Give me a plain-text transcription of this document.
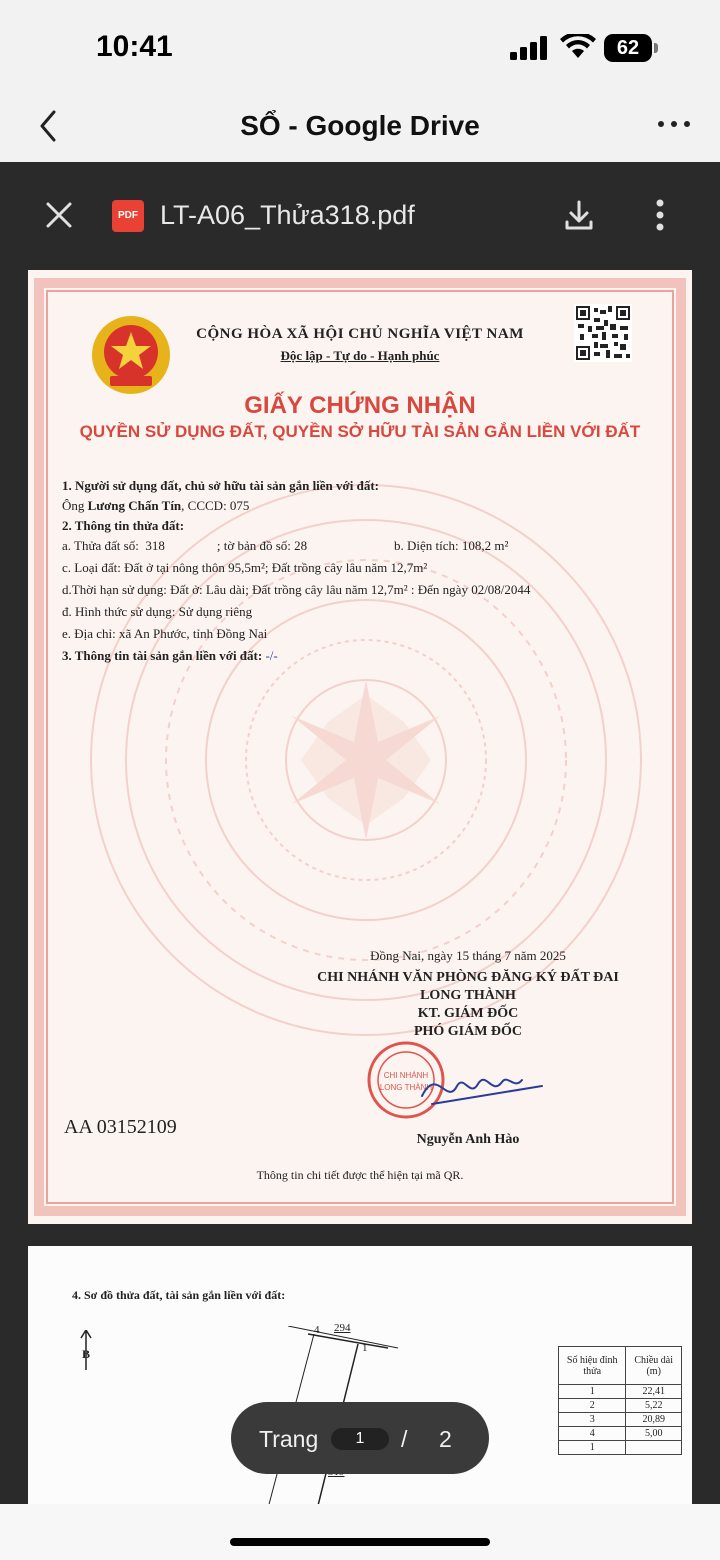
10:41	62
SỔ - Google Drive
PDF LT-A06_Thửa318.pdf
CỘNG HÒA XÃ HỘI CHỦ NGHĨA VIỆT NAM
Độc lập - Tự do - Hạnh phúc
GIẤY CHỨNG NHẬN
QUYỀN SỬ DỤNG ĐẤT, QUYỀN SỞ HỮU TÀI SẢN GẮN LIỀN VỚI ĐẤT
1. Người sử dụng đất, chủ sở hữu tài sản gắn liền với đất:
Ông Lương Chấn Tín, CCCD: 075
2. Thông tin thửa đất:
a. Thửa đất số:  318                ; tờ bản đồ số: 28	b. Diện tích: 108,2 m²
c. Loại đất: Đất ở tại nông thôn 95,5m²; Đất trồng cây lâu năm 12,7m²
d.Thời hạn sử dụng: Đất ở: Lâu dài; Đất trồng cây lâu năm 12,7m² : Đến ngày 02/08/2044
đ. Hình thức sử dụng: Sử dụng riêng
e. Địa chỉ: xã An Phước, tỉnh Đồng Nai
3. Thông tin tài sản gắn liền với đất: -/-
Đồng Nai, ngày 15 tháng 7 năm 2025
CHI NHÁNH VĂN PHÒNG ĐĂNG KÝ ĐẤT ĐAI
LONG THÀNH
KT. GIÁM ĐỐC
PHÓ GIÁM ĐỐC
CHI NHÁNH
LONG THÀNH
Nguyễn Anh Hào
AA 03152109
Thông tin chi tiết được thể hiện tại mã QR.
4. Sơ đồ thửa đất, tài sản gắn liền với đất:
B
4 294
1
Số hiệu đỉnh thửa	Chiều dài (m)
1	22,41
2	5,22
3	20,89
4	5,00
1	
Trang	1	/ 2
